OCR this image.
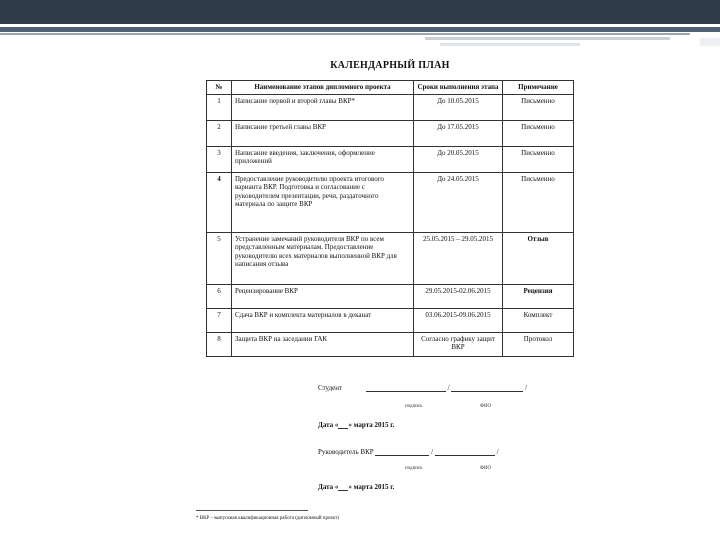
КАЛЕНДАРНЫЙ ПЛАН
№	Наименование этапов дипломного проекта	Сроки выполнения этапа	Примечание
1	Написание первой и второй главы ВКР*	До 10.05.2015	Письменно
2	Написание третьей главы ВКР	До 17.05.2015	Письменно
3	Написание введения, заключения, оформление приложений	До 20.05.2015	Письменно
4	Предоставление руководителю проекта итогового варианта ВКР. Подготовка и согласование с руководителем презентации, речи, раздаточного материала по защите ВКР	До 24.05.2015	Письменно
5	Устранение замечаний руководителя ВКР по всем представленным материалам. Предоставление руководителю всех материалов выполненной ВКР для написания отзыва	25.05.2015 – 29.05.2015	Отзыв
6	Рецензирование ВКР	29.05.2015-02.06.2015	Рецензия
7	Сдача ВКР и комплекта материалов в деканат	03.06.2015-09.06.2015	Комплект
8	Защита ВКР на заседании ГАК	Согласно графику защит ВКР	Протокол
Студент	/	/
подпись	ФИО
Дата « » марта 2015 г.
Руководитель ВКР	/	/
подпись	ФИО
Дата « » марта 2015 г.
* ВКР – выпускная квалификационная работа (дипломный проект)
